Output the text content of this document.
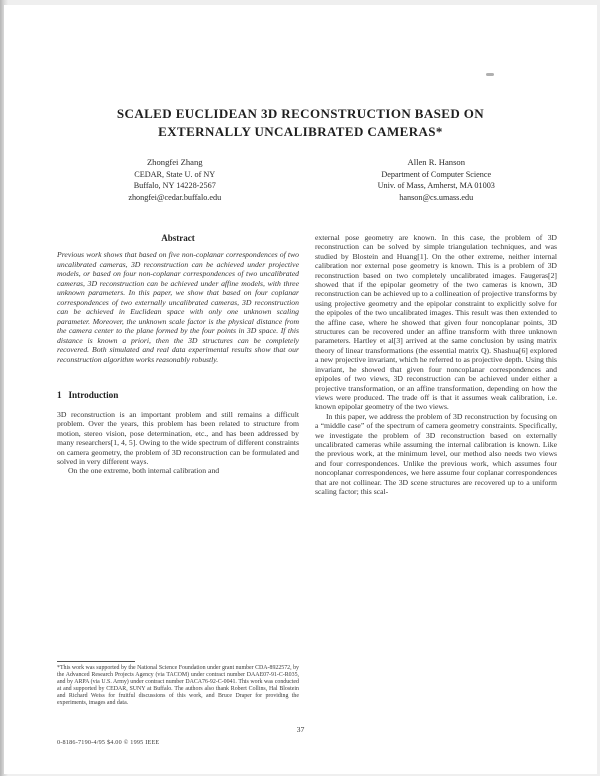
SCALED EUCLIDEAN 3D RECONSTRUCTION BASED ON
EXTERNALLY UNCALIBRATED CAMERAS*
Zhongfei Zhang
CEDAR, State U. of NY
Buffalo, NY 14228-2567
zhongfei@cedar.buffalo.edu
Allen R. Hanson
Department of Computer Science
Univ. of Mass, Amherst, MA 01003
hanson@cs.umass.edu
Abstract

Previous work shows that based on five non-coplanar correspondences of two uncalibrated cameras, 3D reconstruction can be achieved under projective models, or based on four non-coplanar correspondences of two uncalibrated cameras, 3D reconstruction can be achieved under affine models, with three unknown parameters. In this paper, we show that based on four coplanar correspondences of two externally uncalibrated cameras, 3D reconstruction can be achieved in Euclidean space with only one unknown scaling parameter. Moreover, the unknown scale factor is the physical distance from the camera center to the plane formed by the four points in 3D space. If this distance is known a priori, then the 3D structures can be completely recovered. Both simulated and real data experimental results show that our reconstruction algorithm works reasonably robustly.

1   Introduction

3D reconstruction is an important problem and still remains a difficult problem. Over the years, this problem has been related to structure from motion, stereo vision, pose determination, etc., and has been addressed by many researchers[1, 4, 5]. Owing to the wide spectrum of different constraints on camera geometry, the problem of 3D reconstruction can be formulated and solved in very different ways.

On the one extreme, both internal calibration and

*This work was supported by the National Science Foundation under grant number CDA-8922572, by the Advanced Research Projects Agency (via TACOM) under contract number DAAE07-91-C-R035, and by ARPA (via U.S. Army) under contract number DACA76-92-C-0041. This work was conducted at and supported by CEDAR, SUNY at Buffalo. The authors also thank Robert Collins, Hal Blostein and Richard Weiss for fruitful discussions of this work, and Bruce Draper for providing the experiments, images and data.

external pose geometry are known. In this case, the problem of 3D reconstruction can be solved by simple triangulation techniques, and was studied by Blostein and Huang[1]. On the other extreme, neither internal calibration nor external pose geometry is known. This is a problem of 3D reconstruction based on two completely uncalibrated images. Faugeras[2] showed that if the epipolar geometry of the two cameras is known, 3D reconstruction can be achieved up to a collineation of projective transforms by using projective geometry and the epipolar constraint to explicitly solve for the epipoles of the two uncalibrated images. This result was then extended to the affine case, where he showed that given four noncoplanar points, 3D structures can be recovered under an affine transform with three unknown parameters. Hartley et al[3] arrived at the same conclusion by using matrix theory of linear transformations (the essential matrix Q). Shashua[6] explored a new projective invariant, which he referred to as projective depth. Using this invariant, he showed that given four noncoplanar correspondences and epipoles of two views, 3D reconstruction can be achieved under either a projective transformation, or an affine transformation, depending on how the views were produced. The trade off is that it assumes weak calibration, i.e. known epipolar geometry of the two views.

In this paper, we address the problem of 3D reconstruction by focusing on a “middle case” of the spectrum of camera geometry constraints. Specifically, we investigate the problem of 3D reconstruction based on externally uncalibrated cameras while assuming the internal calibration is known. Like the previous work, at the minimum level, our method also needs two views and four correspondences. Unlike the previous work, which assumes four noncoplanar correspondences, we here assume four coplanar correspondences that are not collinear. The 3D scene structures are recovered up to a uniform scaling factor; this scal-

37
0-8186-7190-4/95 $4.00 © 1995 IEEE
